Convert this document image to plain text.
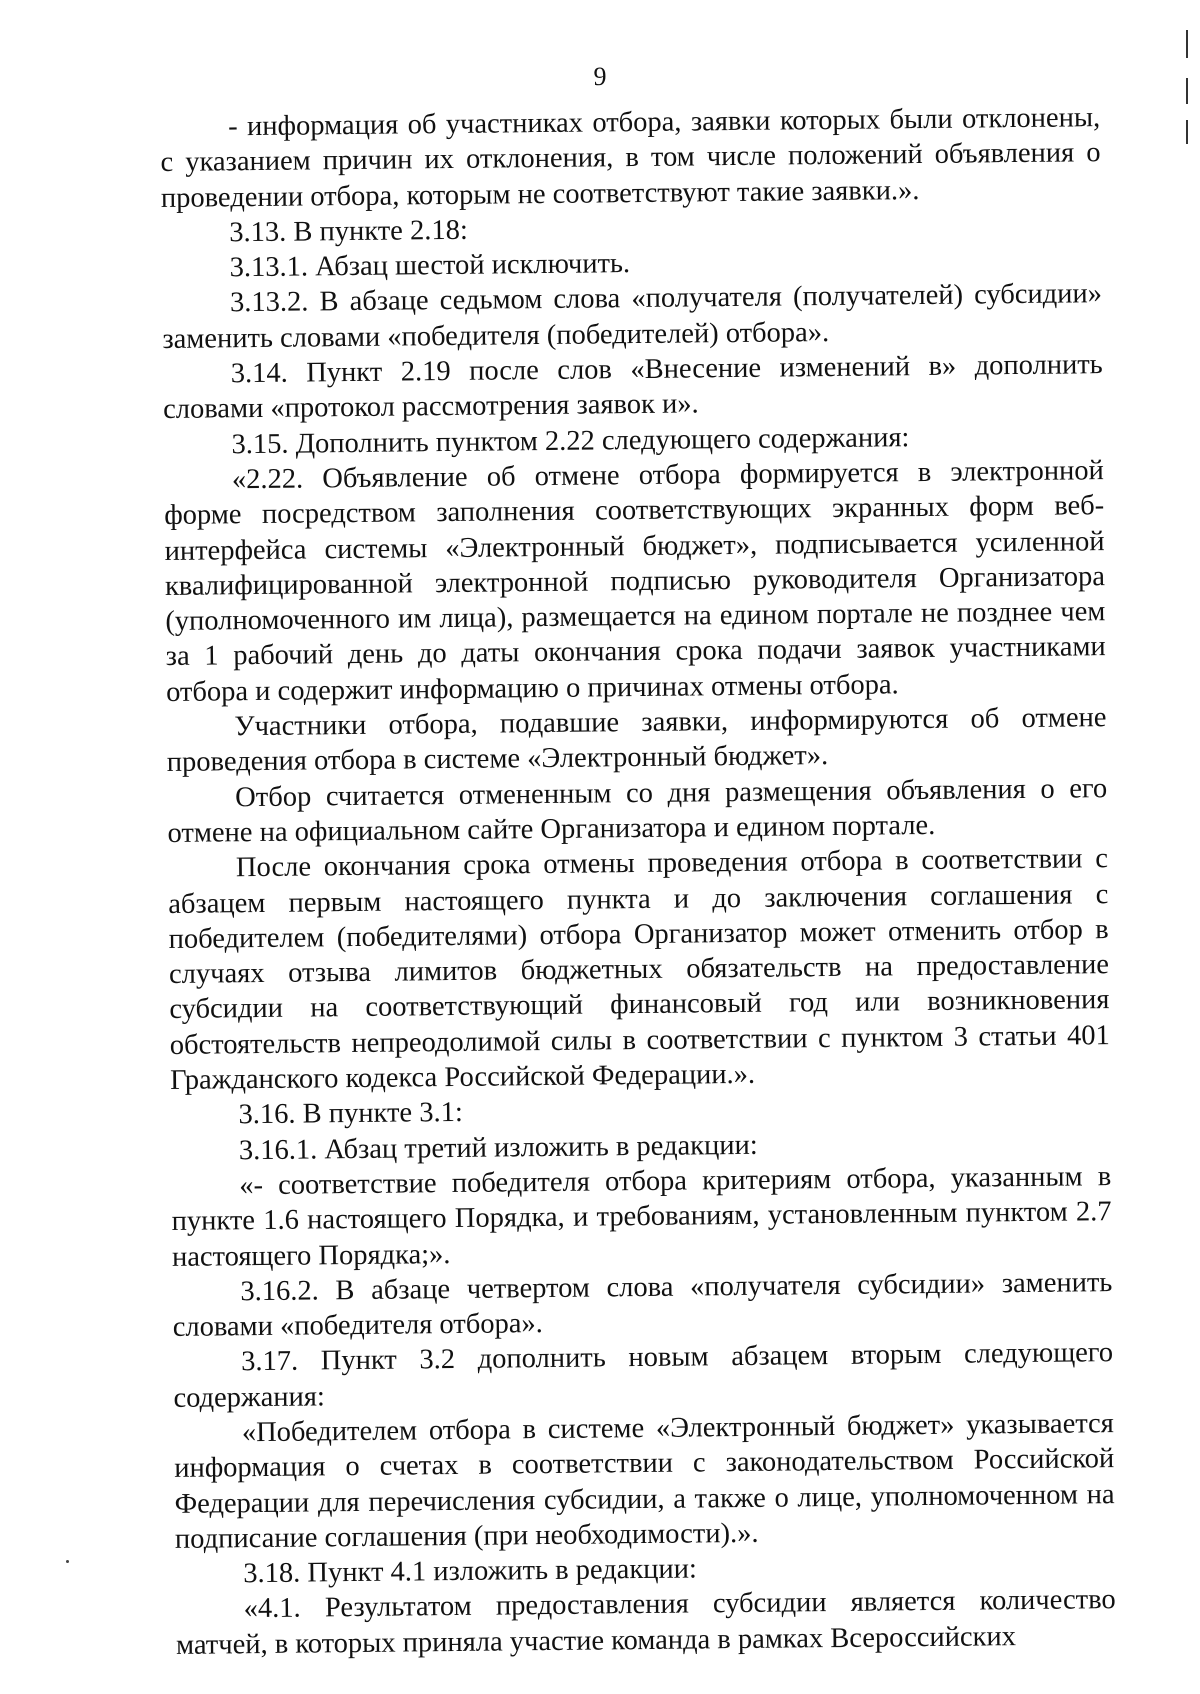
9

- информация об участниках отбора, заявки которых были отклонены, с указанием причин их отклонения, в том числе положений объявления о проведении отбора, которым не соответствуют такие заявки.».

3.13. В пункте 2.18:

3.13.1. Абзац шестой исключить.

3.13.2. В абзаце седьмом слова «получателя (получателей) субсидии» заменить словами «победителя (победителей) отбора».

3.14. Пункт 2.19 после слов «Внесение изменений в» дополнить словами «протокол рассмотрения заявок и».

3.15. Дополнить пунктом 2.22 следующего содержания:

«2.22. Объявление об отмене отбора формируется в электронной форме посредством заполнения соответствующих экранных форм веб-интерфейса системы «Электронный бюджет», подписывается усиленной квалифицированной электронной подписью руководителя Организатора (уполномоченного им лица), размещается на едином портале не позднее чем за 1 рабочий день до даты окончания срока подачи заявок участниками отбора и содержит информацию о причинах отмены отбора.

Участники отбора, подавшие заявки, информируются об отмене проведения отбора в системе «Электронный бюджет».

Отбор считается отмененным со дня размещения объявления о его отмене на официальном сайте Организатора и едином портале.

После окончания срока отмены проведения отбора в соответствии с абзацем первым настоящего пункта и до заключения соглашения с победителем (победителями) отбора Организатор может отменить отбор в случаях отзыва лимитов бюджетных обязательств на предоставление субсидии на соответствующий финансовый год или возникновения обстоятельств непреодолимой силы в соответствии с пунктом 3 статьи 401 Гражданского кодекса Российской Федерации.».

3.16. В пункте 3.1:

3.16.1. Абзац третий изложить в редакции:

«- соответствие победителя отбора критериям отбора, указанным в пункте 1.6 настоящего Порядка, и требованиям, установленным пунктом 2.7 настоящего Порядка;».

3.16.2. В абзаце четвертом слова «получателя субсидии» заменить словами «победителя отбора».

3.17. Пункт 3.2 дополнить новым абзацем вторым следующего содержания:

«Победителем отбора в системе «Электронный бюджет» указывается информация о счетах в соответствии с законодательством Российской Федерации для перечисления субсидии, а также о лице, уполномоченном на подписание соглашения (при необходимости).».

3.18. Пункт 4.1 изложить в редакции:

«4.1. Результатом предоставления субсидии является количество матчей, в которых приняла участие команда в рамках Всероссийских
